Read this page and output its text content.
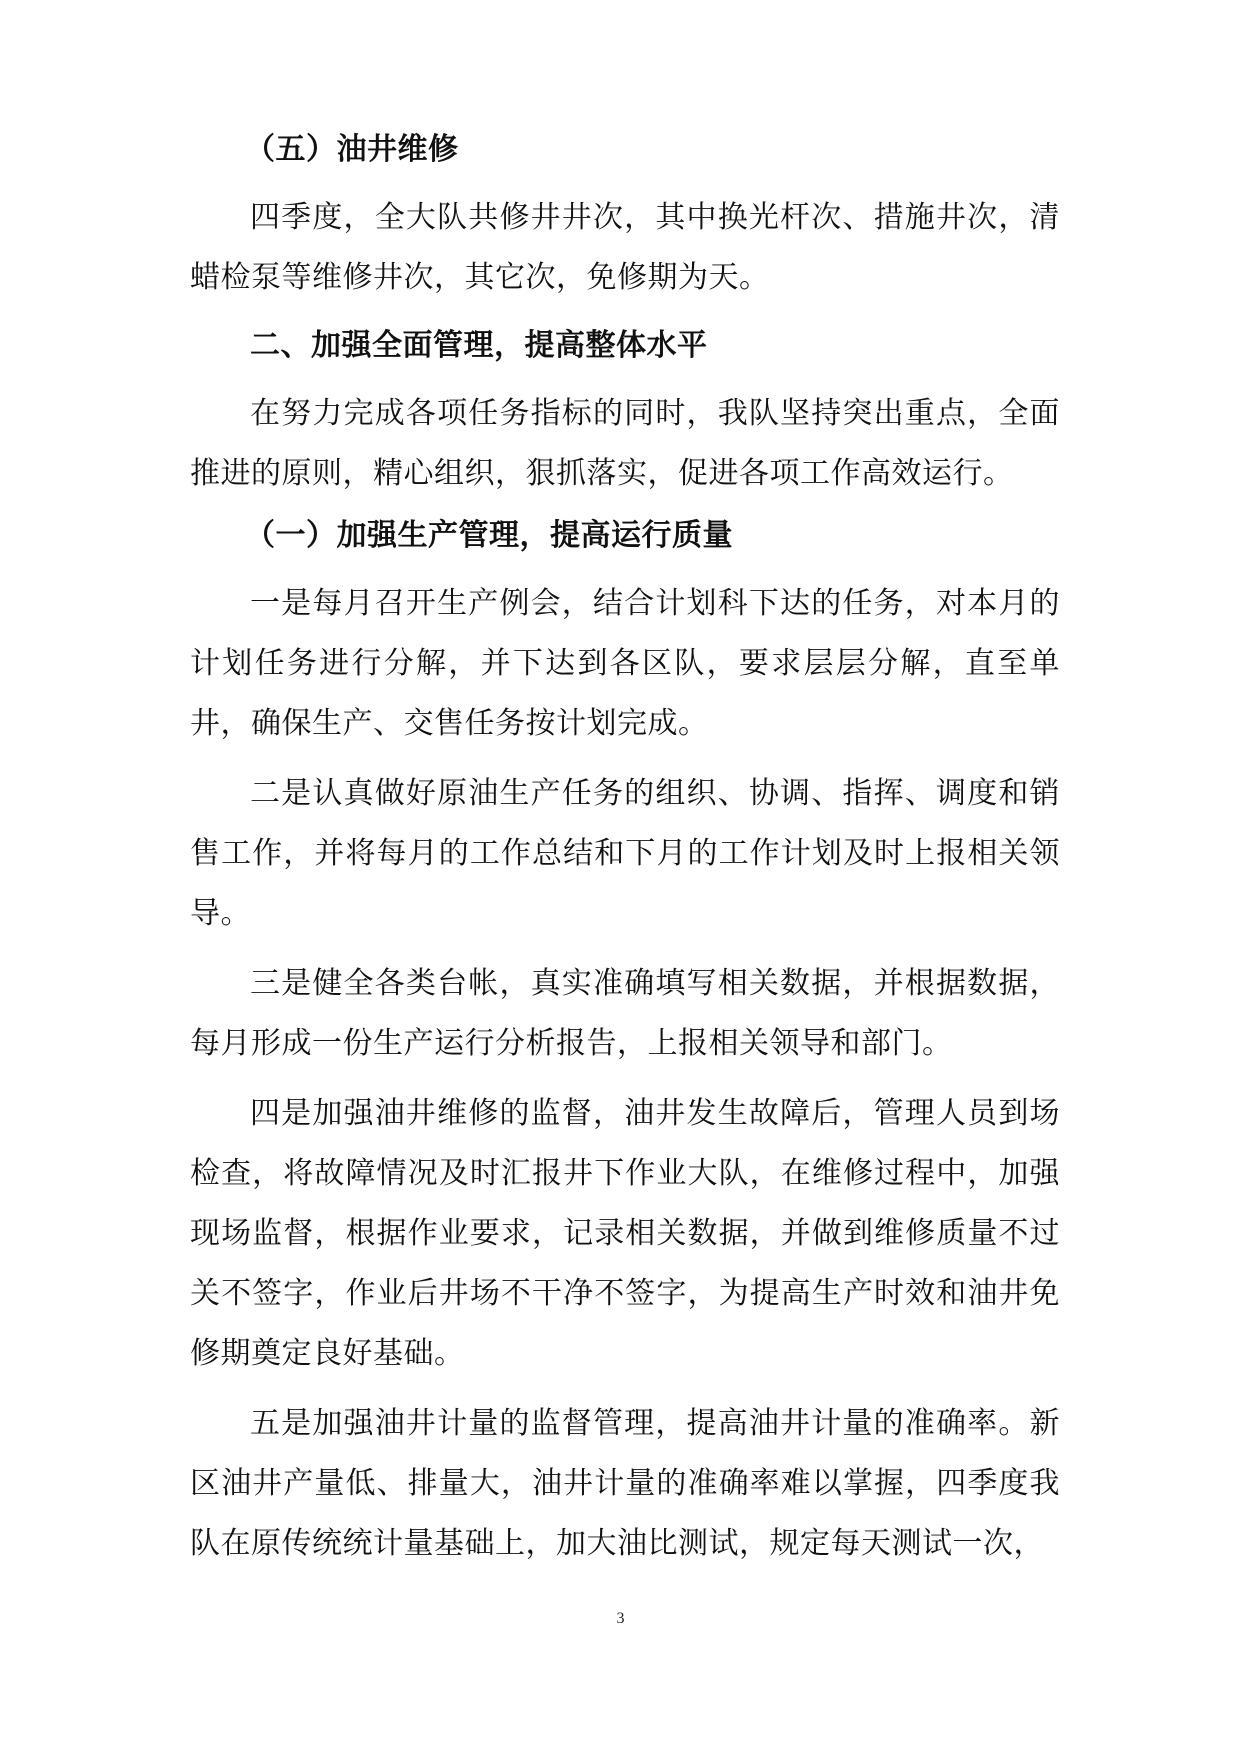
（五）油井维修

四季度，全大队共修井井次，其中换光杆次、措施井次，清蜡检泵等维修井次，其它次，免修期为天。

二、加强全面管理，提高整体水平

在努力完成各项任务指标的同时，我队坚持突出重点，全面推进的原则，精心组织，狠抓落实，促进各项工作高效运行。

（一）加强生产管理，提高运行质量

一是每月召开生产例会，结合计划科下达的任务，对本月的计划任务进行分解，并下达到各区队，要求层层分解，直至单井，确保生产、交售任务按计划完成。

二是认真做好原油生产任务的组织、协调、指挥、调度和销售工作，并将每月的工作总结和下月的工作计划及时上报相关领导。

三是健全各类台帐，真实准确填写相关数据，并根据数据，每月形成一份生产运行分析报告，上报相关领导和部门。

四是加强油井维修的监督，油井发生故障后，管理人员到场检查，将故障情况及时汇报井下作业大队，在维修过程中，加强现场监督，根据作业要求，记录相关数据，并做到维修质量不过关不签字，作业后井场不干净不签字，为提高生产时效和油井免修期奠定良好基础。

五是加强油井计量的监督管理，提高油井计量的准确率。新区油井产量低、排量大，油井计量的准确率难以掌握，四季度我队在原传统统计量基础上，加大油比测试，规定每天测试一次，

3
